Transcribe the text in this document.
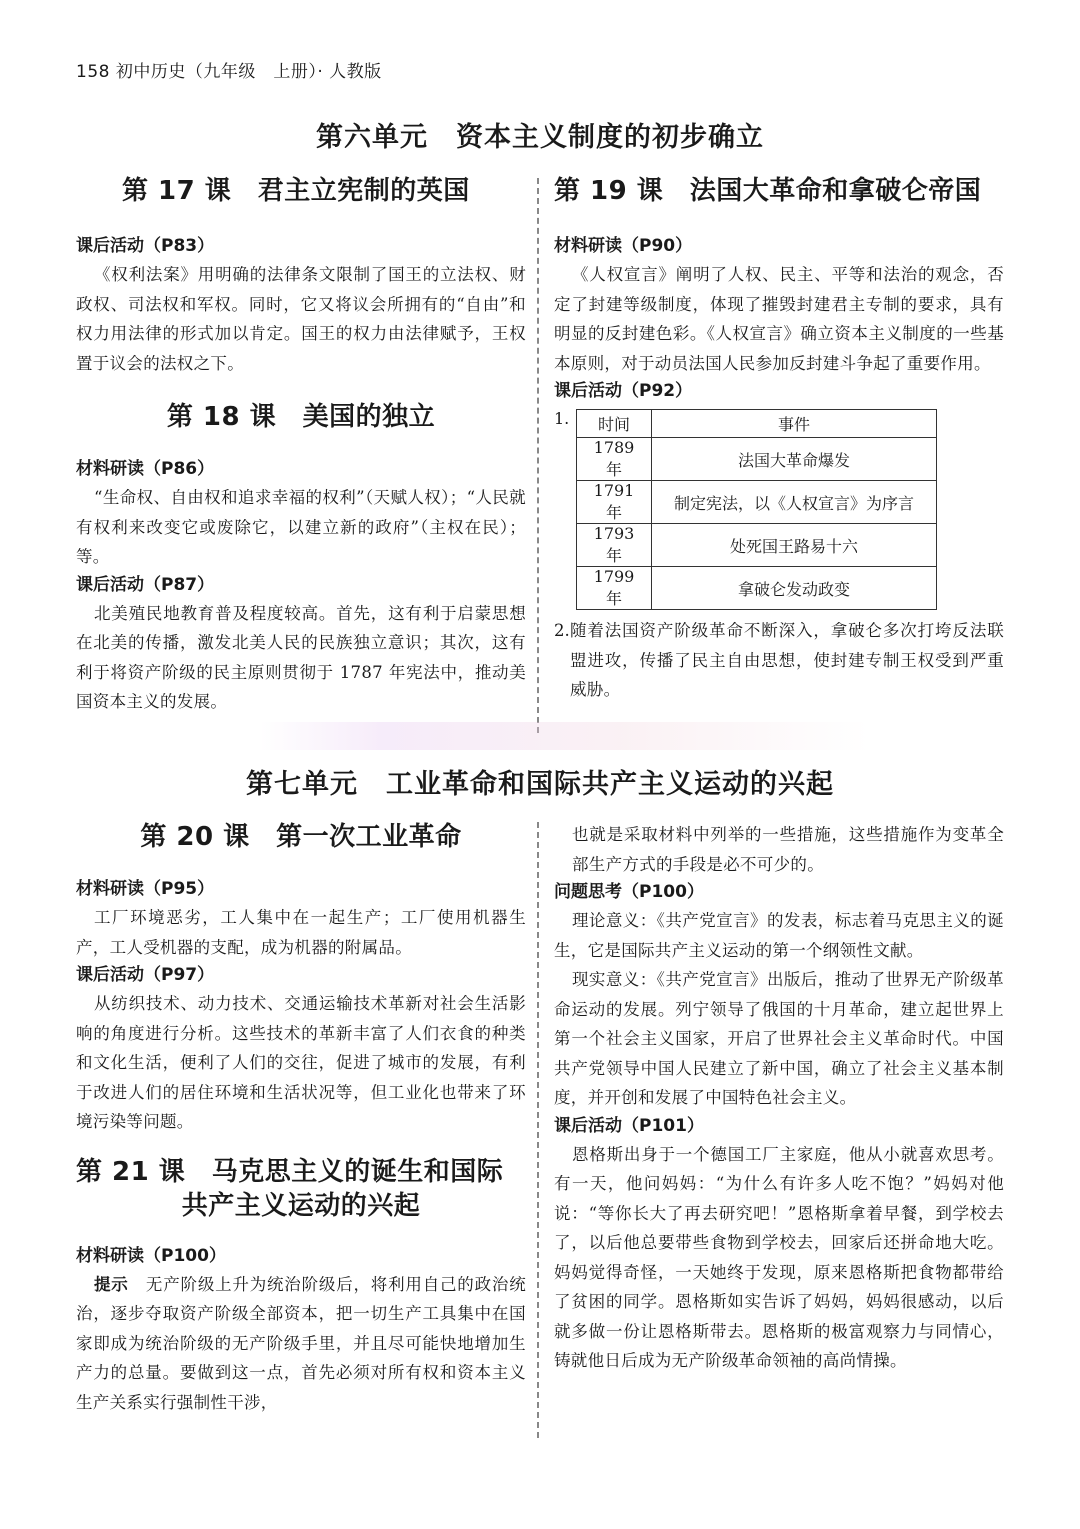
158 初中历史（九年级　上册）· 人教版
第六单元　资本主义制度的初步确立
第 17 课　君主立宪制的英国

课后活动（P83）

《权利法案》用明确的法律条文限制了国王的立法权、财政权、司法权和军权。同时，它又将议会所拥有的“自由”和权力用法律的形式加以肯定。国王的权力由法律赋予，王权置于议会的法权之下。

第 18 课　美国的独立

材料研读（P86）

“生命权、自由权和追求幸福的权利”（天赋人权）；“人民就有权利来改变它或废除它，以建立新的政府”（主权在民）；等。

课后活动（P87）

北美殖民地教育普及程度较高。首先，这有利于启蒙思想在北美的传播，激发北美人民的民族独立意识；其次，这有利于将资产阶级的民主原则贯彻于 1787 年宪法中，推动美国资本主义的发展。

第 19 课　法国大革命和拿破仑帝国

材料研读（P90）

《人权宣言》阐明了人权、民主、平等和法治的观念，否定了封建等级制度，体现了摧毁封建君主专制的要求，具有明显的反封建色彩。《人权宣言》确立资本主义制度的一些基本原则，对于动员法国人民参加反封建斗争起了重要作用。

课后活动（P92）

1.	时间	事件
1789 年	法国大革命爆发
1791 年	制定宪法，以《人权宣言》为序言
1793 年	处死国王路易十六
1799 年	拿破仑发动政变
2. 随着法国资产阶级革命不断深入，拿破仑多次打垮反法联盟进攻，传播了民主自由思想，使封建专制王权受到严重威胁。

第七单元　工业革命和国际共产主义运动的兴起
第 20 课　第一次工业革命

材料研读（P95）

工厂环境恶劣，工人集中在一起生产；工厂使用机器生产，工人受机器的支配，成为机器的附属品。

课后活动（P97）

从纺织技术、动力技术、交通运输技术革新对社会生活影响的角度进行分析。这些技术的革新丰富了人们衣食的种类和文化生活，便利了人们的交往，促进了城市的发展，有利于改进人们的居住环境和生活状况等，但工业化也带来了环境污染等问题。

第 21 课　马克思主义的诞生和国际
共产主义运动的兴起

材料研读（P100）

提示　 无产阶级上升为统治阶级后，将利用自己的政治统治，逐步夺取资产阶级全部资本，把一切生产工具集中在国家即成为统治阶级的无产阶级手里，并且尽可能快地增加生产力的总量。要做到这一点，首先必须对所有权和资本主义生产关系实行强制性干涉，

也就是采取材料中列举的一些措施，这些措施作为变革全部生产方式的手段是必不可少的。

问题思考（P100）

理论意义：《共产党宣言》的发表，标志着马克思主义的诞生，它是国际共产主义运动的第一个纲领性文献。

现实意义：《共产党宣言》出版后，推动了世界无产阶级革命运动的发展。列宁领导了俄国的十月革命，建立起世界上第一个社会主义国家，开启了世界社会主义革命时代。中国共产党领导中国人民建立了新中国，确立了社会主义基本制度，并开创和发展了中国特色社会主义。

课后活动（P101）

恩格斯出身于一个德国工厂主家庭，他从小就喜欢思考。有一天，他问妈妈：“为什么有许多人吃不饱？”妈妈对他说：“等你长大了再去研究吧！”恩格斯拿着早餐，到学校去了，以后他总要带些食物到学校去，回家后还拼命地大吃。妈妈觉得奇怪，一天她终于发现，原来恩格斯把食物都带给了贫困的同学。恩格斯如实告诉了妈妈，妈妈很感动，以后就多做一份让恩格斯带去。恩格斯的极富观察力与同情心，铸就他日后成为无产阶级革命领袖的高尚情操。
